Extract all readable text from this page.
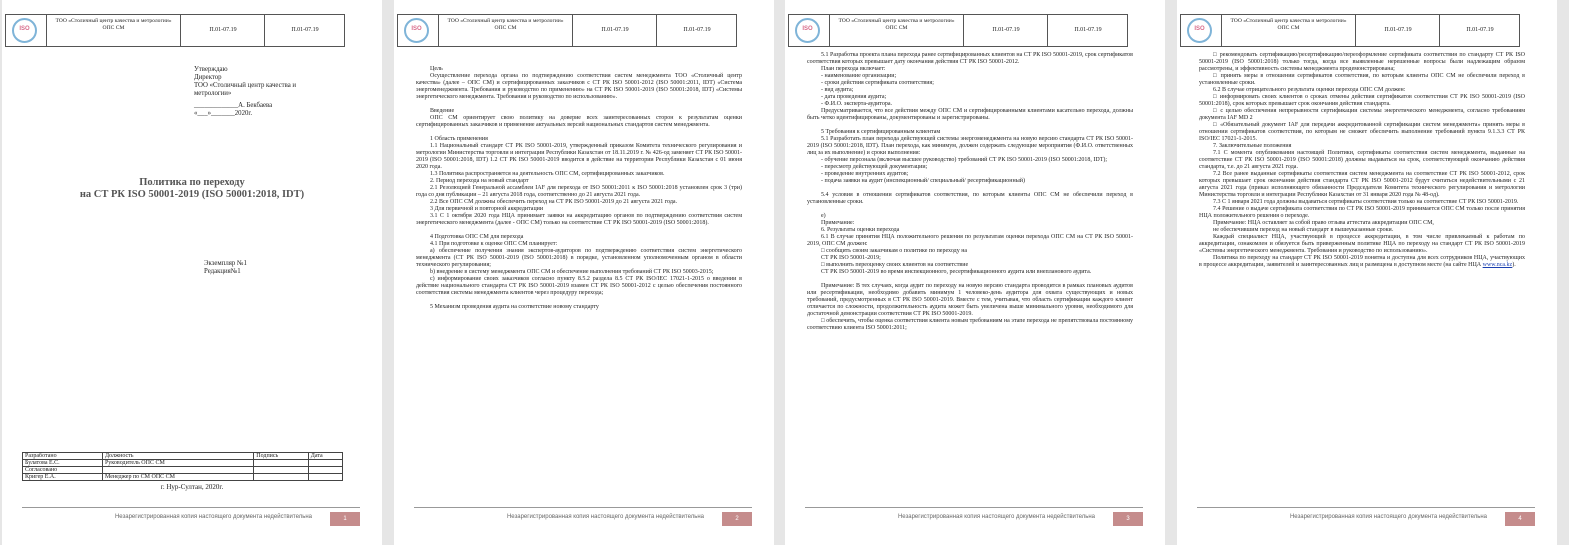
ISO
ТОО «Столичный центр качества и метрологии»
ОПС СМ	П.01-07.19	П.01-07.19
Утверждаю
Директор
ТОО «Столичный центр качества и
метрологии»
_____________А. Бекбаева
«___»_______2020г.
Политика по переходу
на СТ РК ISO 50001-2019 (ISO 50001:2018, IDT)
Экземпляр №1
Редакция№1
Разработано	Должность	Подпись	Дата
Булатова Е.С.	Руководитель ОПС СМ		
Согласовано			
Кригер Е.А.	Менеджер по СМ ОПС СМ		
г. Нур-Султан, 2020г.
Незарегистрированная копия настоящего документа недействительна	1
ISO
ТОО «Столичный центр качества и метрологии»
ОПС СМ	П.01-07.19	П.01-07.19

Цель

Осуществление перехода органа по подтверждению соответствия систем менеджмента ТОО «Столичный центр качества» (далее – ОПС СМ) и сертифицированных заказчиков с СТ РК ISO 50001-2012 (ISO 50001:2011, IDT) «Система энергоменеджмента. Требования и руководство по применению» на СТ РК ISO 50001-2019 (ISO 50001:2018, IDT) «Системы энергетического менеджмента. Требования и руководство по использованию».

Введение

ОПС СМ ориентирует свою политику на доверие всех заинтересованных сторон к результатам оценки сертифицированных заказчиков и применение актуальных версий национальных стандартов систем менеджмента.

1 Область применения

1.1 Национальный стандарт СТ РК ISO 50001-2019, утвержденный приказом Комитета технического регулирования и метрологии Министерства торговли и интеграции Республики Казахстан от 18.11.2019 г. № 426-од заменяет СТ РК ISO 50001-2019 (ISO 50001:2018, IDT) 1.2 СТ РК ISO 50001-2019 вводится в действие на территории Республики Казахстан с 01 июня 2020 года.

1.3 Политика распространяется на деятельность ОПС СМ, сертифицированных заказчиков.

2. Период перехода на новый стандарт

2.1 Резолюцией Генеральной ассамблеи IAF для перехода от ISO 50001:2011 к ISO 50001:2018 установлен срок 3 (три) года со дня публикации – 21 августа 2018 года, соответственно до 21 августа 2021 года.

2.2 Все ОПС СМ должны обеспечить переход на СТ РК ISO 50001-2019 до 21 августа 2021 года.

3 Для первичной и повторной аккредитации

3.1 С 1 октября 2020 года НЦА принимает заявки на аккредитацию органов по подтверждению соответствия систем энергетического менеджмента (далее - ОПС СМ) только на соответствие СТ РК ISO 50001-2019 (ISO 50001:2018).

4 Подготовка ОПС СМ для перехода

4.1 При подготовке к оценке ОПС СМ планирует:

a) обеспечение получения знания экспертов-аудиторов по подтверждению соответствия систем энергетического менеджмента (СТ РК ISO 50001-2019 (ISO 50001:2018) в порядке, установленном уполномоченным органом в области технического регулирования;

b) внедрение в систему менеджмента ОПС СМ и обеспечение выполнения требований СТ РК ISO 50003-2015;

c) информирование своих заказчиков согласно пункту 8.5.2 раздела 8.5 СТ РК ISO/IEC 17021-1-2015 о введении в действие национального стандарта СТ РК ISO 50001-2019 взамен СТ РК ISO 50001-2012 с целью обеспечения постоянного соответствия системы менеджмента клиентов через процедуру перехода;

5 Механизм проведения аудита на соответствие новому стандарту

Незарегистрированная копия настоящего документа недействительна	2
ISO
ТОО «Столичный центр качества и метрологии»
ОПС СМ	П.01-07.19	П.01-07.19

5.1 Разработка проекта плана перехода ранее сертифицированных клиентов на СТ РК ISO 50001-2019, срок сертификатов соответствия которых превышает дату окончания действия СТ РК ISO 50001-2012.

План перехода включает:

- наименование организации;

- сроки действия сертификата соответствия;

- вид аудита;

- дата проведения аудита;

- Ф.И.О. эксперта-аудитора.

Предусматривается, что все действия между ОПС СМ и сертифицированными клиентами касательно перехода, должны быть четко идентифицированы, документированы и зарегистрированы.

5 Требования к сертифицированным клиентам

5.1 Разработать план перехода действующей системы энергоменеджмента на новую версию стандарта СТ РК ISO 50001-2019 (ISO 50001:2018, IDT). План перехода, как минимум, должен содержать следующие мероприятия (Ф.И.О. ответственных лиц за их выполнение) и сроки выполнения:

- обучение персонала (включая высшее руководство) требований СТ РК ISO 50001-2019 (ISO 50001:2018, IDT);

- пересмотр действующей документации;

- проведение внутренних аудитов;

- подача заявки на аудит (инспекционный/ специальный/ ресертификационный)

5.4 условия в отношении сертификатов соответствия, по которым клиенты ОПС СМ не обеспечили переход в установленные сроки.

е)

Примечание:

6. Результаты оценки перехода

6.1 В случае принятия НЦА положительного решения по результатам оценки перехода ОПС СМ на СТ РК ISO 50001-2019, ОПС СМ должен:

□ сообщить своим заказчикам о политике по переходу на

СТ РК ISO 50001-2019;

□ выполнить переоценку своих клиентов на соответствие

СТ РК ISO 50001-2019 во время инспекционного, ресертификационного аудита или внепланового аудита.

Примечание: В тех случаях, когда аудит по переходу на новую версию стандарта проводится в рамках плановых аудитов или ресертификации, необходимо добавить минимум 1 человеко-день аудитора для охвата существующих и новых требований, предусмотренных в СТ РК ISO 50001-2019. Вместе с тем, учитывая, что область сертификации каждого клиент отличается по сложности, продолжительность аудита может быть увеличена выше минимального уровня, необходимого для достаточной демонстрации соответствия СТ РК ISO 50001-2019.

□ обеспечить, чтобы оценка соответствия клиента новым требованиям на этапе перехода не препятствовала постоянному соответствию клиента ISO 50001:2011;

Незарегистрированная копия настоящего документа недействительна	3
ISO
ТОО «Столичный центр качества и метрологии»
ОПС СМ	П.01-07.19	П.01-07.19

□ рекомендовать сертификацию/ресертификацию/переоформление сертификата соответствия по стандарту СТ РК ISO 50001-2019 (ISO 50001:2018) только тогда, когда все выявленные нерешенные вопросы были надлежащим образом рассмотрены, и эффективность системы менеджмента продемонстрирована;

□ принять меры в отношении сертификатов соответствия, по которым клиенты ОПС СМ не обеспечили переход в установленные сроки.

6.2 В случае отрицательного результата оценки перехода ОПС СМ должен:

□ информировать своих клиентов о сроках отмены действия сертификатов соответствия СТ РК ISO 50001-2019 (ISO 50001:2018), срок которых превышает срок окончания действия стандарта.

□ с целью обеспечения непрерывности сертификации системы энергетического менеджмента, согласно требованиям документа IAF MD 2

□ «Обязательный документ IAF для передачи аккредитованной сертификации систем менеджмента» принять меры в отношении сертификатов соответствия, по которым не сможет обеспечить выполнение требований пункта 9.1.3.3 СТ РК ISO/IEC 17021-1-2015.

7. Заключительные положения

7.1 С момента опубликования настоящей Политики, сертификаты соответствия систем менеджмента, выданные на соответствие СТ РК ISO 50001-2019 (ISO 50001:2018) должны выдаваться на срок, соответствующий окончанию действия стандарта, т.е. до 21 августа 2021 года.

7.2 Все ранее выданные сертификаты соответствия систем менеджмента на соответствие СТ РК ISO 50001-2012, срок которых превышает срок окончания действия стандарта СТ РК ISO 50001-2012 будут считаться недействительными с 21 августа 2021 года (приказ исполняющего обязанности Председателя Комитета технического регулирования и метрологии Министерства торговли и интеграции Республики Казахстан от 31 января 2020 года № 48-од).

7.3 С 1 января 2021 года должны выдаваться сертификаты соответствия только на соответствие СТ РК ISO 50001-2019.

7.4 Решение о выдаче сертификата соответствия по СТ РК ISO 50001-2019 принимается ОПС СМ только после принятия НЦА положительного решения о переходе.

Примечание: НЦА оставляет за собой право отзыва аттестата аккредитации ОПС СМ,

не обеспечившим переход на новый стандарт в вышеуказанные сроки.

Каждый специалист НЦА, участвующий в процессе аккредитации, в том числе привлекаемый к работам по аккредитации, ознакомлен и обязуется быть приверженным политике НЦА по переходу на стандарт СТ РК ISO 50001-2019 «Системы энергетического менеджмента. Требования и руководство по использованию».

Политика по переходу на стандарт СТ РК ISO 50001-2019 понятна и доступна для всех сотрудников НЦА, участвующих в процессе аккредитации, заявителей и заинтересованных лиц и размещена в доступном месте (на сайте НЦА www.nca.kz).

Незарегистрированная копия настоящего документа недействительна	4
